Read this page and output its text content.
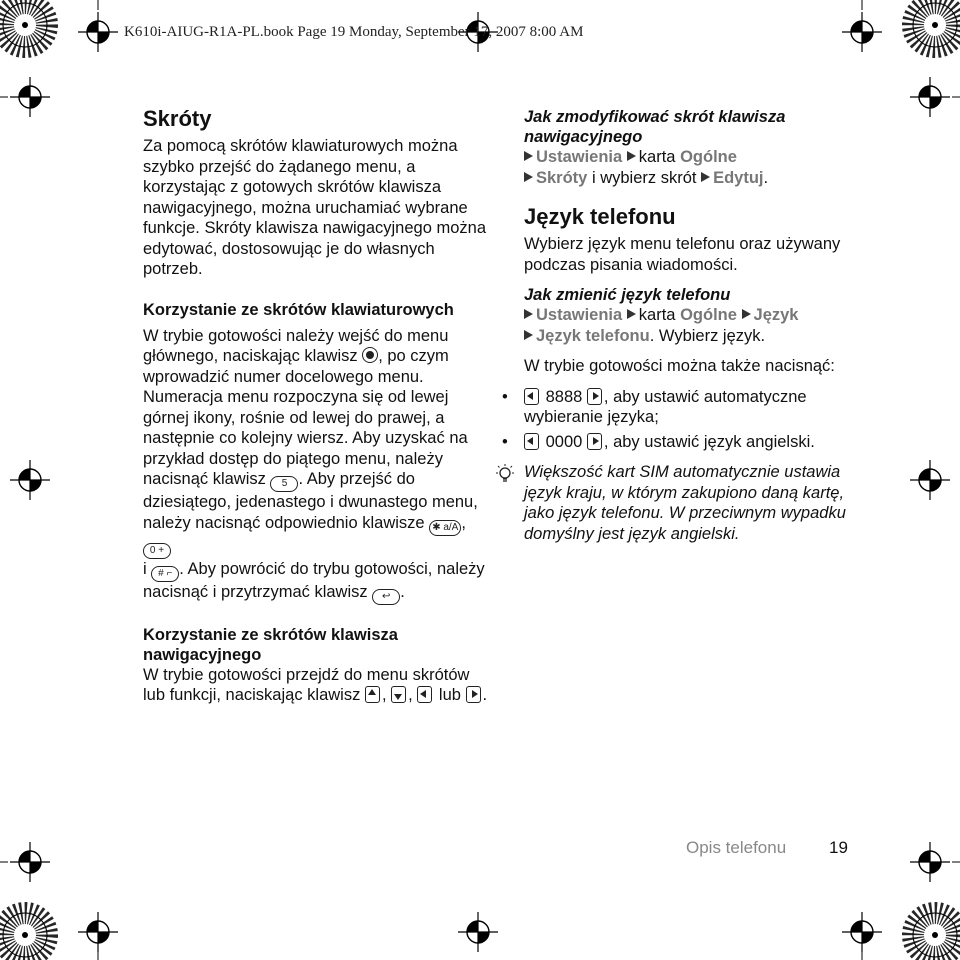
K610i-AIUG-R1A-PL.book Page 19 Monday, September 17, 2007 8:00 AM
Skróty

Za pomocą skrótów klawiaturowych można szybko przejść do żądanego menu, a korzystając z gotowych skrótów klawisza nawigacyjnego, można uruchamiać wybrane funkcje. Skróty klawisza nawigacyjnego można edytować, dostosowując je do własnych potrzeb.

Korzystanie ze skrótów klawiaturowych

W trybie gotowości należy wejść do menu głównego, naciskając klawisz , po czym wprowadzić numer docelowego menu. Numeracja menu rozpoczyna się od lewej górnej ikony, rośnie od lewej do prawej, a następnie co kolejny wiersz. Aby uzyskać na przykład dostęp do piątego menu, należy nacisnąć klawisz 5 . Aby przejść do dziesiątego, jedenastego i dwunastego menu, należy nacisnąć odpowiednio klawisze ✱ a/A , 0 +
i # ⌐ . Aby powrócić do trybu gotowości, należy nacisnąć i przytrzymać klawisz ↩ .

Korzystanie ze skrótów klawisza nawigacyjnego

W trybie gotowości przejdź do menu skrótów lub funkcji, naciskając klawisz , , lub .

Jak zmodyfikować skrót klawisza nawigacyjnego

Ustawienia karta Ogólne
Skróty i wybierz skrót Edytuj.

Język telefonu

Wybierz język menu telefonu oraz używany podczas pisania wiadomości.

Jak zmienić język telefonu

Ustawienia karta Ogólne Język
Język telefonu. Wybierz język.

W trybie gotowości można także nacisnąć:

• 8888 , aby ustawić automatyczne wybieranie języka;
• 0000 , aby ustawić język angielski.
Większość kart SIM automatycznie ustawia język kraju, w którym zakupiono daną kartę, jako język telefonu. W przeciwnym wypadku domyślny jest język angielski.
Opis telefonu	19
